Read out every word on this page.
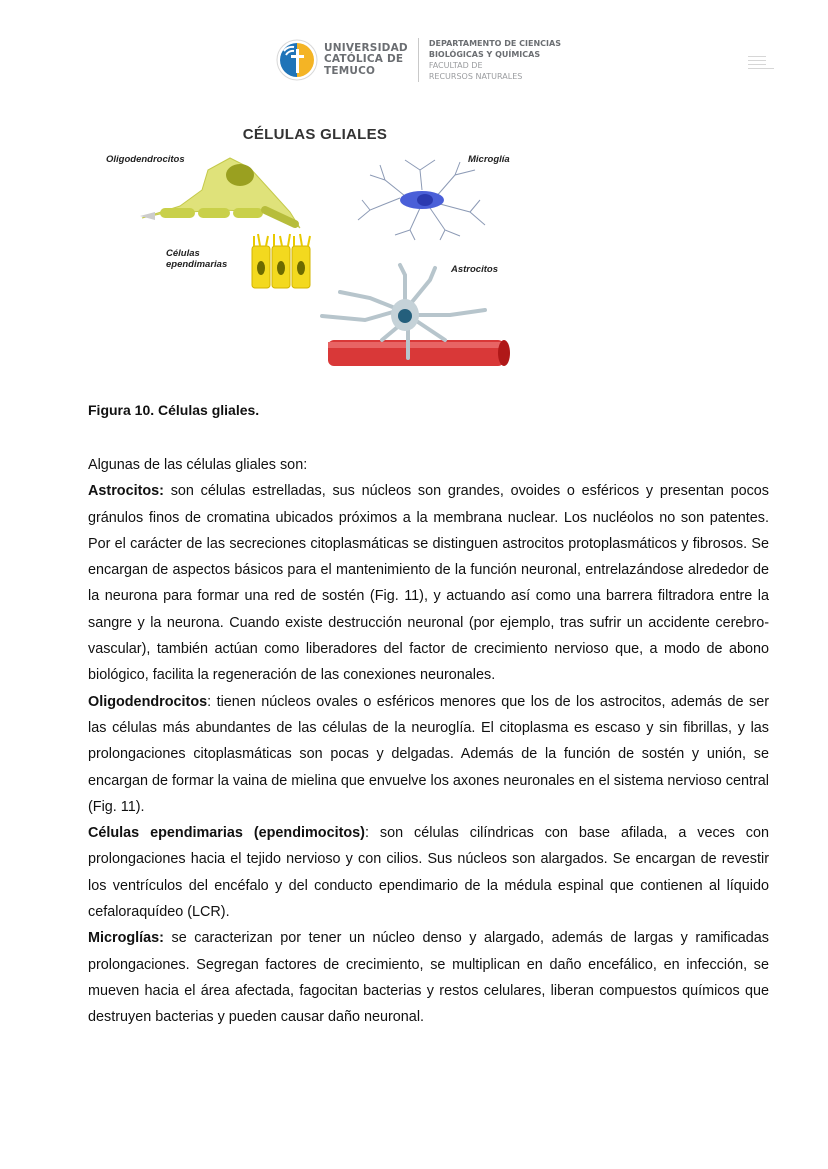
UNIVERSIDAD
CATÓLICA DE
TEMUCO
DEPARTAMENTO DE CIENCIAS
BIOLÓGICAS Y QUÍMICAS
FACULTAD DE
RECURSOS NATURALES
CÉLULAS GLIALES
Oligodendrocitos	Microglía
Células
ependimarias	Astrocitos
Figura 10. Células gliales.

Algunas de las células gliales son:

Astrocitos: son células estrelladas, sus núcleos son grandes, ovoides o esféricos y presentan pocos gránulos finos de cromatina ubicados próximos a la membrana nuclear. Los nucléolos no son patentes. Por el carácter de las secreciones citoplasmáticas se distinguen astrocitos protoplasmáticos y fibrosos. Se encargan de aspectos básicos para el mantenimiento de la función neuronal, entrelazándose alrededor de la neurona para formar una red de sostén (Fig. 11), y actuando así como una barrera filtradora entre la sangre y la neurona. Cuando existe destrucción neuronal (por ejemplo, tras sufrir un accidente cerebro-vascular), también actúan como liberadores del factor de crecimiento nervioso que, a modo de abono biológico, facilita la regeneración de las conexiones neuronales.

Oligodendrocitos: tienen núcleos ovales o esféricos menores que los de los astrocitos, además de ser las células más abundantes de las células de la neuroglía. El citoplasma es escaso y sin fibrillas, y las prolongaciones citoplasmáticas son pocas y delgadas. Además de la función de sostén y unión, se encargan de formar la vaina de mielina que envuelve los axones neuronales en el sistema nervioso central (Fig. 11).

Células ependimarias (ependimocitos): son células cilíndricas con base afilada, a veces con prolongaciones hacia el tejido nervioso y con cilios. Sus núcleos son alargados. Se encargan de revestir los ventrículos del encéfalo y del conducto ependimario de la médula espinal que contienen al líquido cefaloraquídeo (LCR).

Microglías: se caracterizan por tener un núcleo denso y alargado, además de largas y ramificadas prolongaciones. Segregan factores de crecimiento, se multiplican en daño encefálico, en infección, se mueven hacia el área afectada, fagocitan bacterias y restos celulares, liberan compuestos químicos que destruyen bacterias y pueden causar daño neuronal.
